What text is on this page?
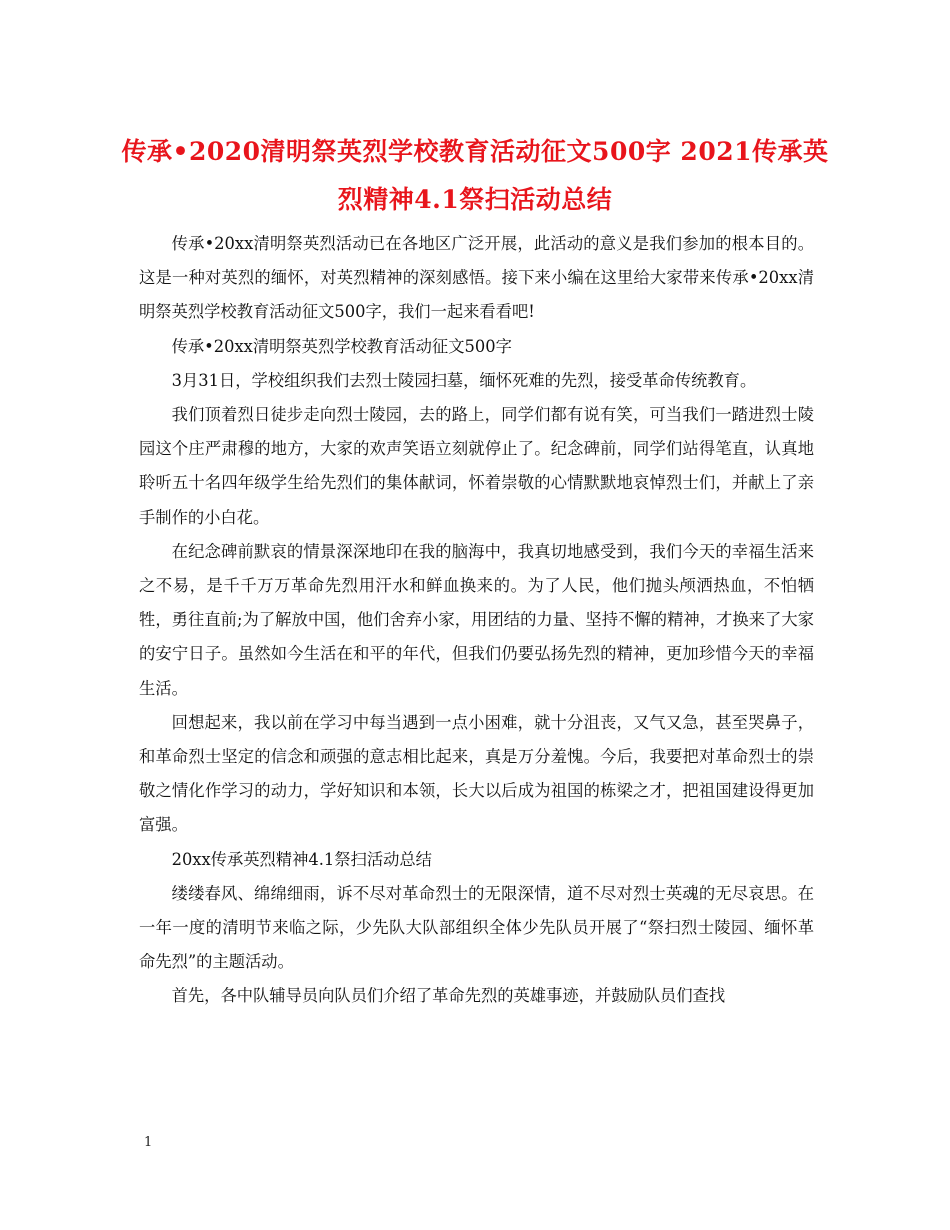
传承•2020清明祭英烈学校教育活动征文500字 2021传承英烈精神4.1祭扫活动总结

传承•20xx清明祭英烈活动已在各地区广泛开展，此活动的意义是我们参加的根本目的。这是一种对英烈的缅怀，对英烈精神的深刻感悟。接下来小编在这里给大家带来传承•20xx清明祭英烈学校教育活动征文500字，我们一起来看看吧!

传承•20xx清明祭英烈学校教育活动征文500字

3月31日，学校组织我们去烈士陵园扫墓，缅怀死难的先烈，接受革命传统教育。

我们顶着烈日徒步走向烈士陵园，去的路上，同学们都有说有笑，可当我们一踏进烈士陵园这个庄严肃穆的地方，大家的欢声笑语立刻就停止了。纪念碑前，同学们站得笔直，认真地聆听五十名四年级学生给先烈们的集体献词，怀着崇敬的心情默默地哀悼烈士们，并献上了亲手制作的小白花。

在纪念碑前默哀的情景深深地印在我的脑海中，我真切地感受到，我们今天的幸福生活来之不易，是千千万万革命先烈用汗水和鲜血换来的。为了人民，他们抛头颅洒热血，不怕牺牲，勇往直前;为了解放中国，他们舍弃小家，用团结的力量、坚持不懈的精神，才换来了大家的安宁日子。虽然如今生活在和平的年代，但我们仍要弘扬先烈的精神，更加珍惜今天的幸福生活。

回想起来，我以前在学习中每当遇到一点小困难，就十分沮丧，又气又急，甚至哭鼻子，和革命烈士坚定的信念和顽强的意志相比起来，真是万分羞愧。今后，我要把对革命烈士的崇敬之情化作学习的动力，学好知识和本领，长大以后成为祖国的栋梁之才，把祖国建设得更加富强。

20xx传承英烈精神4.1祭扫活动总结

缕缕春风、绵绵细雨，诉不尽对革命烈士的无限深情，道不尽对烈士英魂的无尽哀思。在一年一度的清明节来临之际，少先队大队部组织全体少先队员开展了“祭扫烈士陵园、缅怀革命先烈”的主题活动。

首先，各中队辅导员向队员们介绍了革命先烈的英雄事迹，并鼓励队员们查找

1
